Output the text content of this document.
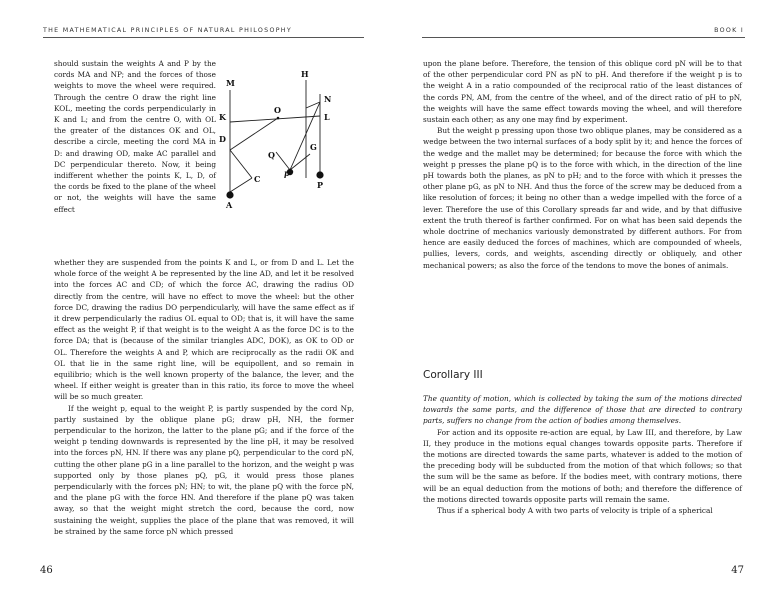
THE MATHEMATICAL PRINCIPLES OF NATURAL PHILOSOPHY

should sustain the weights A and P by the cords MA and NP; and the forces of those weights to move the wheel were required. Through the centre O draw the right line KOL, meeting the cords perpendicularly in K and L; and from the centre O, with OL the greater of the distances OK and OL, describe a circle, meeting the cord MA in D: and drawing OD, make AC parallel and DC perpendicular thereto. Now, it being indifferent whether the points K, L, D, of the cords be fixed to the plane of the wheel or not, the weights will have the same effect

M
K
D
O
H
N
L
Q
G
p
P
C
A

whether they are suspended from the points K and L, or from D and L. Let the whole force of the weight A be represented by the line AD, and let it be resolved into the forces AC and CD; of which the force AC, drawing the radius OD directly from the centre, will have no effect to move the wheel: but the other force DC, drawing the radius DO perpendicularly, will have the same effect as if it drew perpendicularly the radius OL equal to OD; that is, it will have the same effect as the weight P, if that weight is to the weight A as the force DC is to the force DA; that is (because of the similar triangles ADC, DOK), as OK to OD or OL. Therefore the weights A and P, which are reciprocally as the radii OK and OL that lie in the same right line, will be equipollent, and so remain in equilibrio; which is the well known property of the balance, the lever, and the wheel. If either weight is greater than in this ratio, its force to move the wheel will be so much greater.

If the weight p, equal to the weight P, is partly suspended by the cord Np, partly sustained by the oblique plane pG; draw pH, NH, the former perpendicular to the horizon, the latter to the plane pG; and if the force of the weight p tending downwards is represented by the line pH, it may be resolved into the forces pN, HN. If there was any plane pQ, perpendicular to the cord pN, cutting the other plane pG in a line parallel to the horizon, and the weight p was supported only by those planes pQ, pG, it would press those planes perpendicularly with the forces pN; HN; to wit, the plane pQ with the force pN, and the plane pG with the force HN. And therefore if the plane pQ was taken away, so that the weight might stretch the cord, because the cord, now sustaining the weight, supplies the place of the plane that was removed, it will be strained by the same force pN which pressed

46
BOOK I

upon the plane before. Therefore, the tension of this oblique cord pN will be to that of the other perpendicular cord PN as pN to pH. And therefore if the weight p is to the weight A in a ratio compounded of the reciprocal ratio of the least distances of the cords PN, AM, from the centre of the wheel, and of the direct ratio of pH to pN, the weights will have the same effect towards moving the wheel, and will therefore sustain each other; as any one may find by experiment.

But the weight p pressing upon those two oblique planes, may be considered as a wedge between the two internal surfaces of a body split by it; and hence the forces of the wedge and the mallet may be determined; for because the force with which the weight p presses the plane pQ is to the force with which, in the direction of the line pH towards both the planes, as pN to pH; and to the force with which it presses the other plane pG, as pN to NH. And thus the force of the screw may be deduced from a like resolution of forces; it being no other than a wedge impelled with the force of a lever. Therefore the use of this Corollary spreads far and wide, and by that diffusive extent the truth thereof is farther confirmed. For on what has been said depends the whole doctrine of mechanics variously demonstrated by different authors. For from hence are easily deduced the forces of machines, which are compounded of wheels, pullies, levers, cords, and weights, ascending directly or obliquely, and other mechanical powers; as also the force of the tendons to move the bones of animals.

Corollary III

The quantity of motion, which is collected by taking the sum of the motions directed towards the same parts, and the difference of those that are directed to contrary parts, suffers no change from the action of bodies among themselves.

For action and its opposite re-action are equal, by Law III, and therefore, by Law II, they produce in the motions equal changes towards opposite parts. Therefore if the motions are directed towards the same parts, whatever is added to the motion of the preceding body will be subducted from the motion of that which follows; so that the sum will be the same as before. If the bodies meet, with contrary motions, there will be an equal deduction from the motions of both; and therefore the difference of the motions directed towards opposite parts will remain the same.

Thus if a spherical body A with two parts of velocity is triple of a spherical

47
